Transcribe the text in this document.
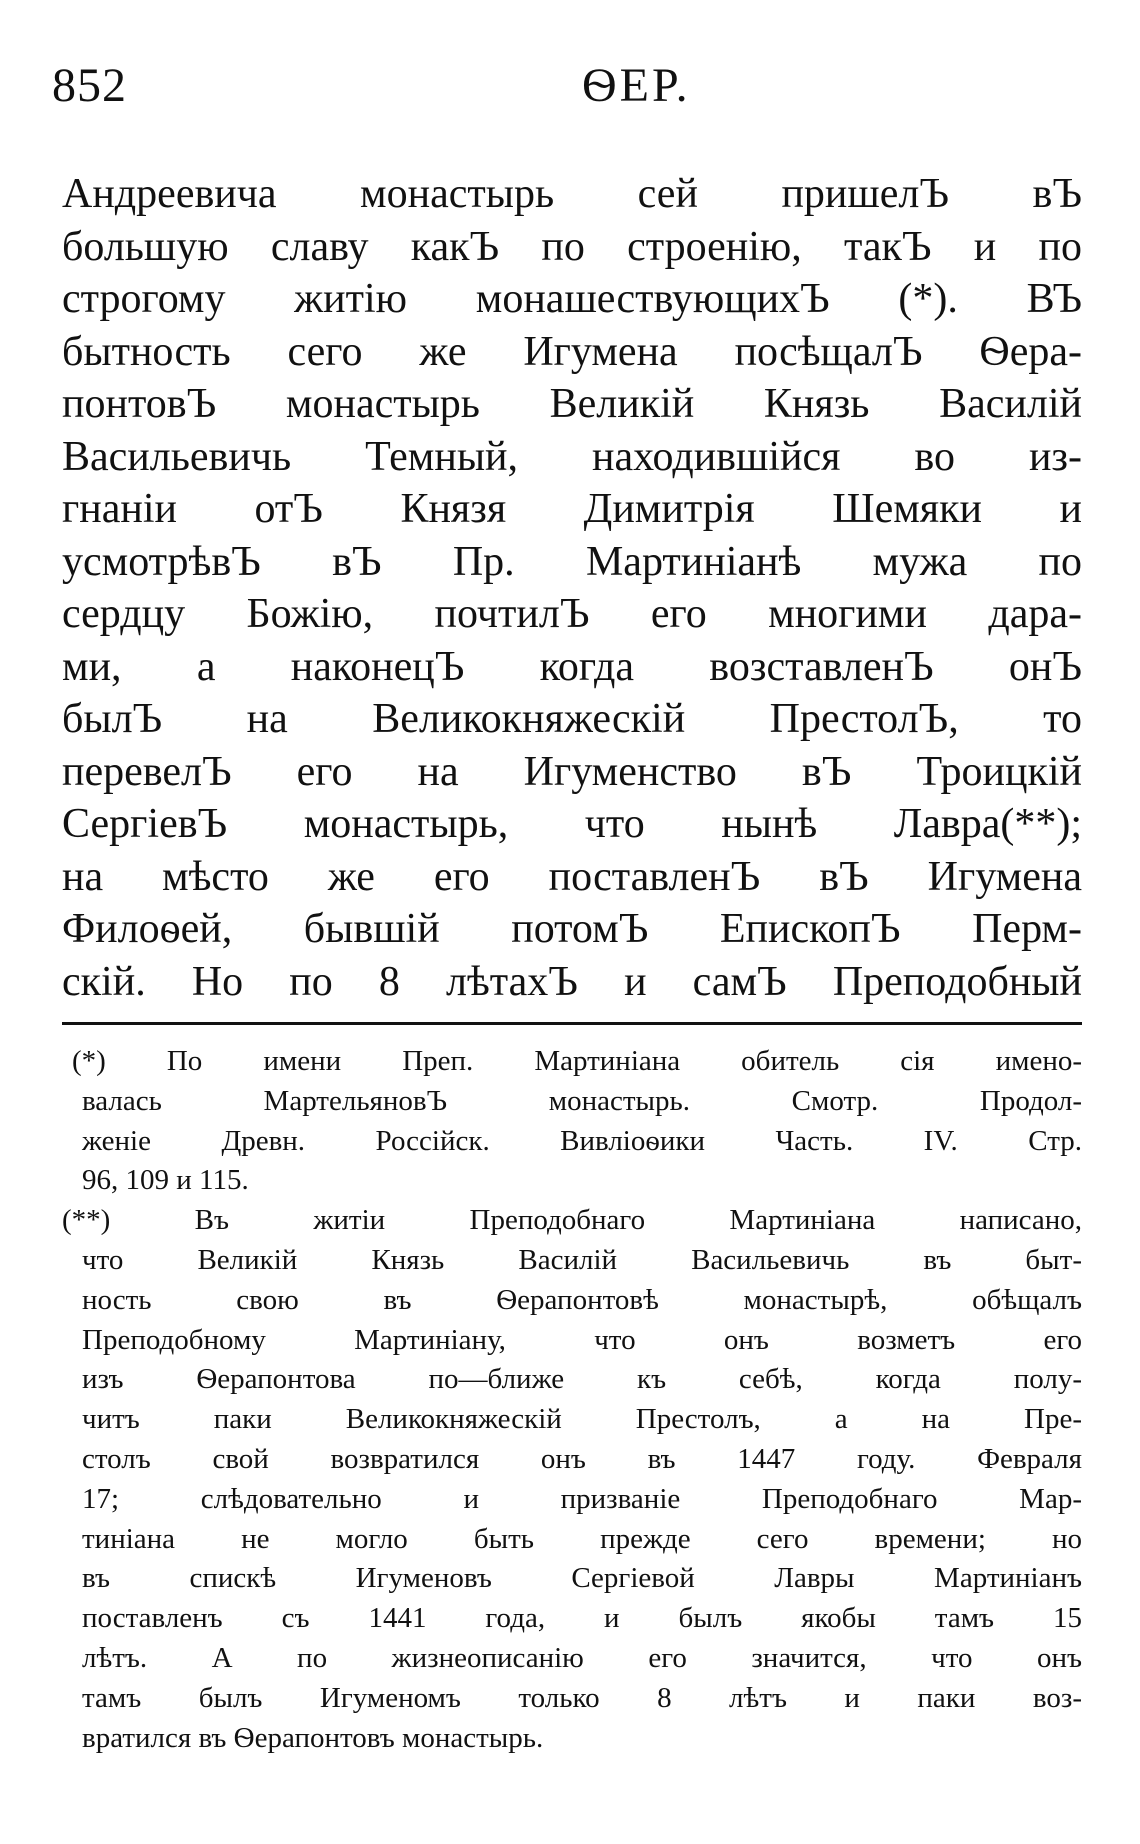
852	ѲЕР.
Андреевича монастырь сей пришелЪ вЪ
большую славу какЪ по строенію, такЪ и по
строгому житію монашествующихЪ (*). ВЪ
бытность сего же Игумена посѣщалЪ Ѳера-
понтовЪ монастырь Великій Князь Василій
Васильевичь Темный, находившійся во из-
гнаніи отЪ Князя Димитрія Шемяки и
усмотрѣвЪ вЪ Пр. Мартиніанѣ мужа по
сердцу Божію, почтилЪ его многими дара-
ми, а наконецЪ когда возставленЪ онЪ
былЪ на Великокняжескій ПрестолЪ, то
перевелЪ его на Игуменство вЪ Троицкій
СергіевЪ монастырь, что нынѣ Лавра(**);
на мѣсто же его поставленЪ вЪ Игумена
Филоѳей, бывшій потомЪ ЕпископЪ Перм-
скій. Но по 8 лѣтахЪ и самЪ Преподобный
(*) По имени Преп. Мартиніана обитель сія имено-
валась МартельяновЪ монастырь. Смотр. Продол-
женіе Древн. Россійск. Вивліоѳики Часть. IV. Стр.
96, 109 и 115.
(**) Въ житіи Преподобнаго Мартиніана написано,
что Великій Князь Василій Васильевичь въ быт-
ность свою въ Ѳерапонтовѣ монастырѣ, обѣщалъ
Преподобному Мартиніану, что онъ возметъ его
изъ Ѳерапонтова по—ближе къ себѣ, когда полу-
читъ паки Великокняжескій Престолъ, а на Пре-
столъ свой возвратился онъ въ 1447 году. Февраля
17; слѣдовательно и призваніе Преподобнаго Мар-
тиніана не могло быть прежде сего времени; но
въ спискѣ Игуменовъ Сергіевой Лавры Мартиніанъ
поставленъ съ 1441 года, и былъ якобы тамъ 15
лѣтъ. А по жизнеописанію его значится, что онъ
тамъ былъ Игуменомъ только 8 лѣтъ и паки воз-
вратился въ Ѳерапонтовъ монастырь.
